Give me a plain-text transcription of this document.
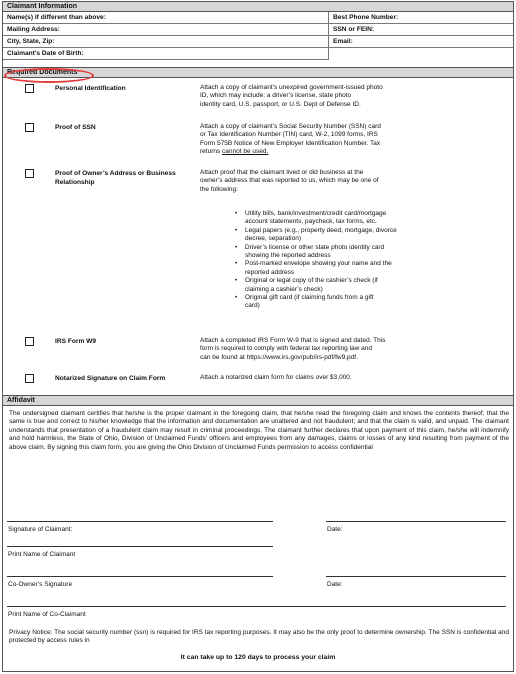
Claimant Information
Name(s) if different than above:	Best Phone Number:
Mailing Address:	SSN or FEIN:
City, State, Zip:	Email:
Claimant's Date of Birth:
Required Documents
Personal Identification	Attach a copy of claimant’s unexpired government-issued photo
ID, which may include: a driver’s license, state photo
identity card, U.S. passport, or U.S. Dept of Defense ID.
Proof of SSN	Attach a copy of claimant’s Social Security Number (SSN) card
or Tax Identification Number (TIN) card, W-2, 1099 forms, IRS
Form 575B Notice of New Employer Identification Number. Tax
returns cannot be used.
Proof of Owner’s Address or Business
Relationship
Attach proof that the claimant lived or did business at the
owner’s address that was reported to us, which may be one of
the following:
• Utility bills, bank/investment/credit card/mortgage
account statements, paycheck, tax forms, etc.
• Legal papers (e.g., property deed, mortgage, divorce
decree, separation)
• Driver’s license or other state photo identity card
showing the reported address
• Post-marked envelope showing your name and the
reported address
• Original or legal copy of the cashier’s check (if
claiming a cashier’s check)
• Original gift card (if claiming funds from a gift
card)
IRS Form W9	Attach a completed IRS Form W-9 that is signed and dated. This
form is required to comply with federal tax reporting law and
can be found at https://www.irs.gov/pub/irs-pdf/fw9.pdf.
Notarized Signature on Claim Form	Attach a notarized claim form for claims over $3,000.
Affidavit
The undersigned claimant certifies that he/she is the proper claimant in the foregoing claim, that he/she read the foregoing claim and knows the contents thereof; that the same is true and correct to his/her knowledge that the information and documentation are unaltered and not fraudulent; and that the claim is valid, and unpaid. The claimant understands that presentation of a fraudulent claim may result in criminal proceedings. The claimant further declares that upon payment of this claim, he/she will indemnify and hold harmless, the State of Ohio, Division of Unclaimed Funds’ officers and employees from any damages, claims or losses of any kind resulting from payment of the above claim. By signing this claim form, you are giving the Ohio Division of Unclaimed Funds permission to access confidential
Signature of Claimant:	Date:
Print Name of Claimant
Co-Owner’s Signature	Date:
Print Name of Co-Claimant
Privacy Notice: The social security number (ssn) is required for IRS tax reporting purposes. It may also be the only proof to determine ownership. The SSN is confidential and protected by access rules in
It can take up to 120 days to process your claim
